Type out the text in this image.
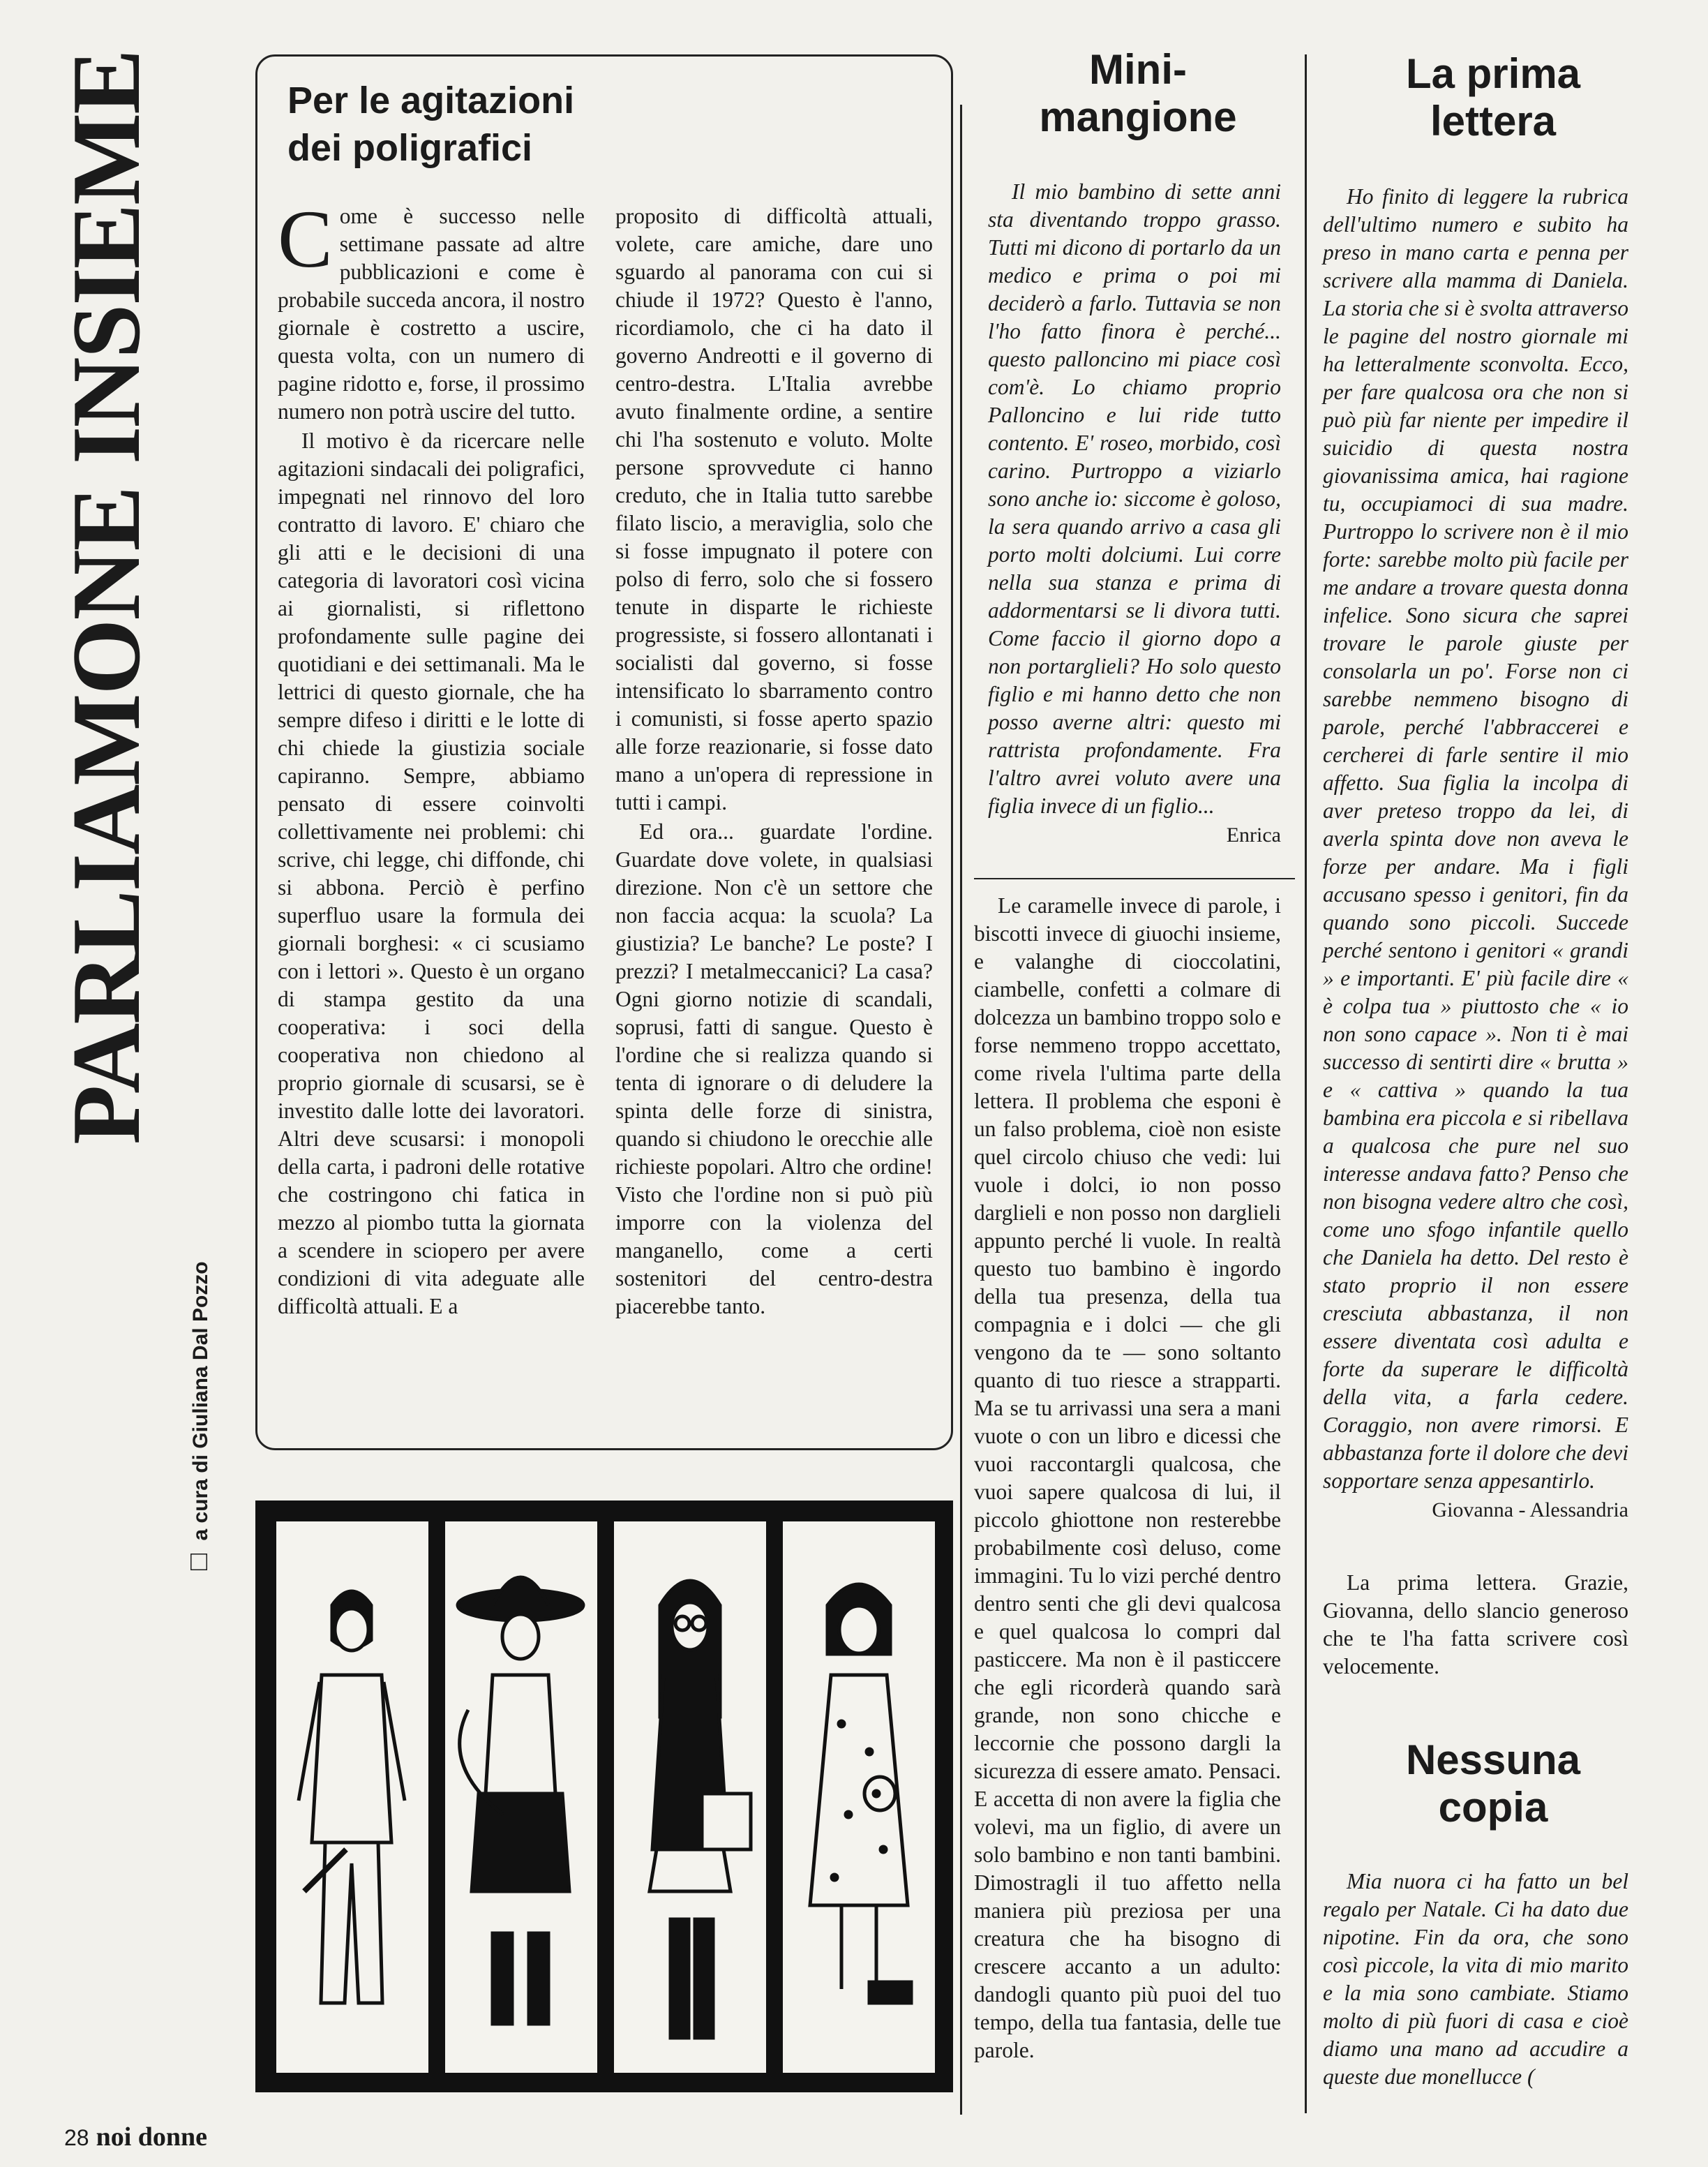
PARLIAMONE INSIEME
□ a cura di Giuliana Dal Pozzo
Per le agitazioni
dei poligrafici
C ome è successo nelle settimane passate ad altre pubblicazioni e come è probabile succeda ancora, il nostro giornale è costretto a uscire, questa volta, con un numero di pagine ridotto e, forse, il prossimo numero non potrà uscire del tutto.

Il motivo è da ricercare nelle agitazioni sindacali dei poligrafici, impegnati nel rinnovo del loro contratto di lavoro. E' chiaro che gli atti e le decisioni di una categoria di lavoratori così vicina ai giornalisti, si riflettono profondamente sulle pagine dei quotidiani e dei settimanali. Ma le lettrici di questo giornale, che ha sempre difeso i diritti e le lotte di chi chiede la giustizia sociale capiranno. Sempre, abbiamo pensato di essere coinvolti collettivamente nei problemi: chi scrive, chi legge, chi diffonde, chi si abbona. Perciò è perfino superfluo usare la formula dei giornali borghesi: « ci scusiamo con i lettori ». Questo è un organo di stampa gestito da una cooperativa: i soci della cooperativa non chiedono al proprio giornale di scusarsi, se è investito dalle lotte dei lavoratori. Altri deve scusarsi: i monopoli della carta, i padroni delle rotative che costringono chi fatica in mezzo al piombo tutta la giornata a scendere in sciopero per avere condizioni di vita adeguate alle difficoltà attuali. E a

proposito di difficoltà attuali, volete, care amiche, dare uno sguardo al panorama con cui si chiude il 1972? Questo è l'anno, ricordiamolo, che ci ha dato il governo Andreotti e il governo di centro-destra. L'Italia avrebbe avuto finalmente ordine, a sentire chi l'ha sostenuto e voluto. Molte persone sprovvedute ci hanno creduto, che in Italia tutto sarebbe filato liscio, a meraviglia, solo che si fosse impugnato il potere con polso di ferro, solo che si fossero tenute in disparte le richieste progressiste, si fossero allontanati i socialisti dal governo, si fosse intensificato lo sbarramento contro i comunisti, si fosse aperto spazio alle forze reazionarie, si fosse dato mano a un'opera di repressione in tutti i campi.

Ed ora... guardate l'ordine. Guardate dove volete, in qualsiasi direzione. Non c'è un settore che non faccia acqua: la scuola? La giustizia? Le banche? Le poste? I prezzi? I metalmeccanici? La casa? Ogni giorno notizie di scandali, soprusi, fatti di sangue. Questo è l'ordine che si realizza quando si tenta di ignorare o di deludere la spinta delle forze di sinistra, quando si chiudono le orecchie alle richieste popolari. Altro che ordine! Visto che l'ordine non si può più imporre con la violenza del manganello, come a certi sostenitori del centro-destra piacerebbe tanto.

Mini-
mangione

Il mio bambino di sette anni sta diventando troppo grasso. Tutti mi dicono di portarlo da un medico e prima o poi mi deciderò a farlo. Tuttavia se non l'ho fatto finora è perché... questo palloncino mi piace così com'è. Lo chiamo proprio Palloncino e lui ride tutto contento. E' roseo, morbido, così carino. Purtroppo a viziarlo sono anche io: siccome è goloso, la sera quando arrivo a casa gli porto molti dolciumi. Lui corre nella sua stanza e prima di addormentarsi se li divora tutti. Come faccio il giorno dopo a non portarglieli? Ho solo questo figlio e mi hanno detto che non posso averne altri: questo mi rattrista profondamente. Fra l'altro avrei voluto avere una figlia invece di un figlio...

Enrica

Le caramelle invece di parole, i biscotti invece di giuochi insieme, e valanghe di cioccolatini, ciambelle, confetti a colmare di dolcezza un bambino troppo solo e forse nemmeno troppo accettato, come rivela l'ultima parte della lettera. Il problema che esponi è un falso problema, cioè non esiste quel circolo chiuso che vedi: lui vuole i dolci, io non posso darglieli e non posso non darglieli appunto perché li vuole. In realtà questo tuo bambino è ingordo della tua presenza, della tua compagnia e i dolci — che gli vengono da te — sono soltanto quanto di tuo riesce a strapparti. Ma se tu arrivassi una sera a mani vuote o con un libro e dicessi che vuoi raccontargli qualcosa, che vuoi sapere qualcosa di lui, il piccolo ghiottone non resterebbe probabilmente così deluso, come immagini. Tu lo vizi perché dentro dentro senti che gli devi qualcosa e quel qualcosa lo compri dal pasticcere. Ma non è il pasticcere che egli ricorderà quando sarà grande, non sono chicche e leccornie che possono dargli la sicurezza di essere amato. Pensaci. E accetta di non avere la figlia che volevi, ma un figlio, di avere un solo bambino e non tanti bambini. Dimostragli il tuo affetto nella maniera più preziosa per una creatura che ha bisogno di crescere accanto a un adulto: dandogli quanto più puoi del tuo tempo, della tua fantasia, delle tue parole.

La prima
lettera

Ho finito di leggere la rubrica dell'ultimo numero e subito ha preso in mano carta e penna per scrivere alla mamma di Daniela. La storia che si è svolta attraverso le pagine del nostro giornale mi ha letteralmente sconvolta. Ecco, per fare qualcosa ora che non si può più far niente per impedire il suicidio di questa nostra giovanissima amica, hai ragione tu, occupiamoci di sua madre. Purtroppo lo scrivere non è il mio forte: sarebbe molto più facile per me andare a trovare questa donna infelice. Sono sicura che saprei trovare le parole giuste per consolarla un po'. Forse non ci sarebbe nemmeno bisogno di parole, perché l'abbraccerei e cercherei di farle sentire il mio affetto. Sua figlia la incolpa di aver preteso troppo da lei, di averla spinta dove non aveva le forze per andare. Ma i figli accusano spesso i genitori, fin da quando sono piccoli. Succede perché sentono i genitori « grandi » e importanti. E' più facile dire « è colpa tua » piuttosto che « io non sono capace ». Non ti è mai successo di sentirti dire « brutta » e « cattiva » quando la tua bambina era piccola e si ribellava a qualcosa che pure nel suo interesse andava fatto? Penso che non bisogna vedere altro che così, come uno sfogo infantile quello che Daniela ha detto. Del resto è stato proprio il non essere cresciuta abbastanza, il non essere diventata così adulta e forte da superare le difficoltà della vita, a farla cedere. Coraggio, non avere rimorsi. E abbastanza forte il dolore che devi sopportare senza appesantirlo.

Giovanna - Alessandria

La prima lettera. Grazie, Giovanna, dello slancio generoso che te l'ha fatta scrivere così velocemente.

Nessuna
copia

Mia nuora ci ha fatto un bel regalo per Natale. Ci ha dato due nipotine. Fin da ora, che sono così piccole, la vita di mio marito e la mia sono cambiate. Stiamo molto di più fuori di casa e cioè diamo una mano ad accudire a queste due monellucce (

28 noi donne
